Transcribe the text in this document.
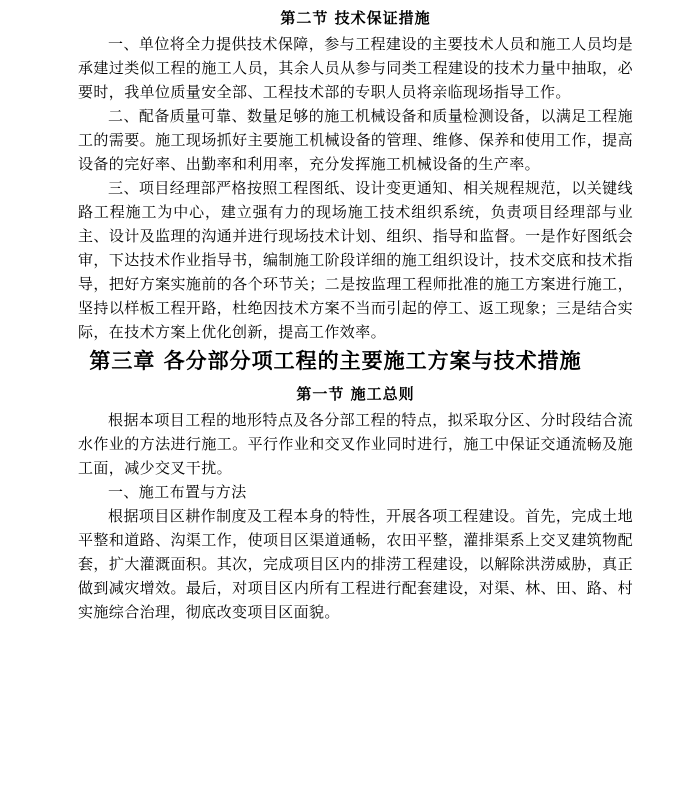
第二节 技术保证措施

一、单位将全力提供技术保障，参与工程建设的主要技术人员和施工人员均是承建过类似工程的施工人员，其余人员从参与同类工程建设的技术力量中抽取，必要时，我单位质量安全部、工程技术部的专职人员将亲临现场指导工作。

二、配备质量可靠、数量足够的施工机械设备和质量检测设备，以满足工程施工的需要。施工现场抓好主要施工机械设备的管理、维修、保养和使用工作，提高设备的完好率、出勤率和利用率，充分发挥施工机械设备的生产率。

三、项目经理部严格按照工程图纸、设计变更通知、相关规程规范，以关键线路工程施工为中心，建立强有力的现场施工技术组织系统，负责项目经理部与业主、设计及监理的沟通并进行现场技术计划、组织、指导和监督。一是作好图纸会审，下达技术作业指导书，编制施工阶段详细的施工组织设计，技术交底和技术指导，把好方案实施前的各个环节关；二是按监理工程师批准的施工方案进行施工，坚持以样板工程开路，杜绝因技术方案不当而引起的停工、返工现象；三是结合实际，在技术方案上优化创新，提高工作效率。

第三章 各分部分项工程的主要施工方案与技术措施
第一节 施工总则

根据本项目工程的地形特点及各分部工程的特点，拟采取分区、分时段结合流水作业的方法进行施工。平行作业和交叉作业同时进行，施工中保证交通流畅及施工面，减少交叉干扰。

一、施工布置与方法

根据项目区耕作制度及工程本身的特性，开展各项工程建设。首先，完成土地平整和道路、沟渠工作，使项目区渠道通畅，农田平整，灌排渠系上交叉建筑物配套，扩大灌溉面积。其次，完成项目区内的排涝工程建设，以解除洪涝威胁，真正做到减灾增效。最后，对项目区内所有工程进行配套建设，对渠、林、田、路、村实施综合治理，彻底改变项目区面貌。
